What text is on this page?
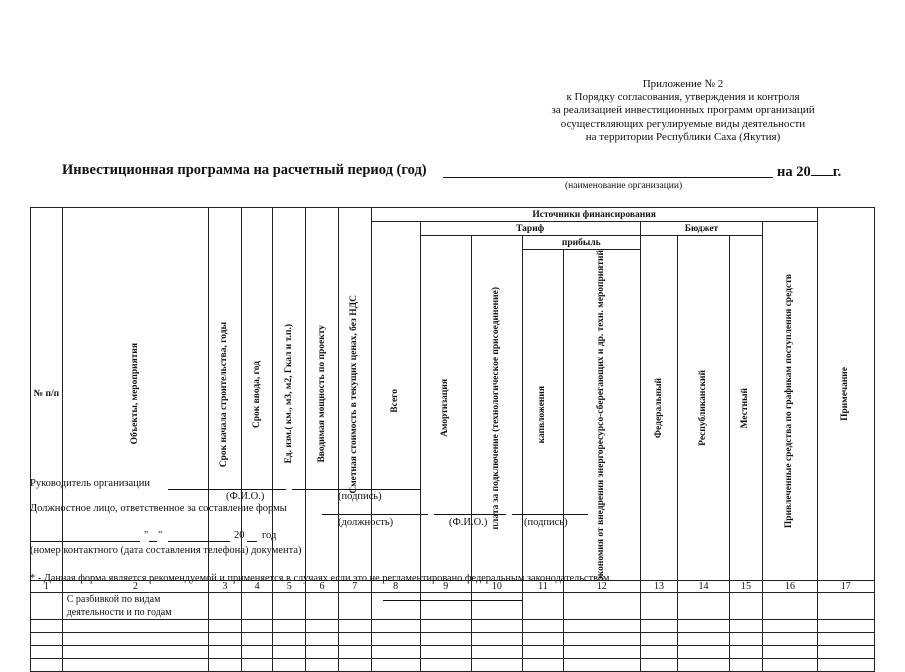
Приложение № 2
к Порядку согласования, утверждения и контроля
за реализацией инвестиционных программ организаций
осуществляющих регулируемые виды деятельности
на территории Республики Саха (Якутия)
Инвестиционная программа на расчетный период (год)	на 20 г.
(наименование организации)
№ п/п	Объекты, мероприятия	Срок начала строительства, годы	Срок ввода, год	Ед. изм.( км., м3, м2, Гкал и т.п.)	Вводимая мощность по проекту	Сметная стоимость в текущих ценах, без НДС	Источники финансирования									Примечание

							Всего	Тариф				Бюджет			Привлеченные средства по графикам поступления средств	

								Амортизация	плата за подключение (технологическое присоединение)	прибыль		Федеральный	Республиканский	Местный		

										капвложения	экономия от внедрения энергоресурсо-сберегающих и др. техн. мероприятий					

1	2	3	4	5	6	7	8	9	10	11	12	13	14	15	16	17
	С разбивкой по видам деятельности и по годам															

Руководитель организации
(Ф.И.О.)	(подпись)
Должностное лицо, ответственное за составление формы
(должность)	(Ф.И.О.)	(подпись)
" "	20 год
(номер контактного (дата составления телефона) документа)
* - Данная форма является рекомендуемой и применяется в случаях если это не регламентировано федеральным законодательством.
